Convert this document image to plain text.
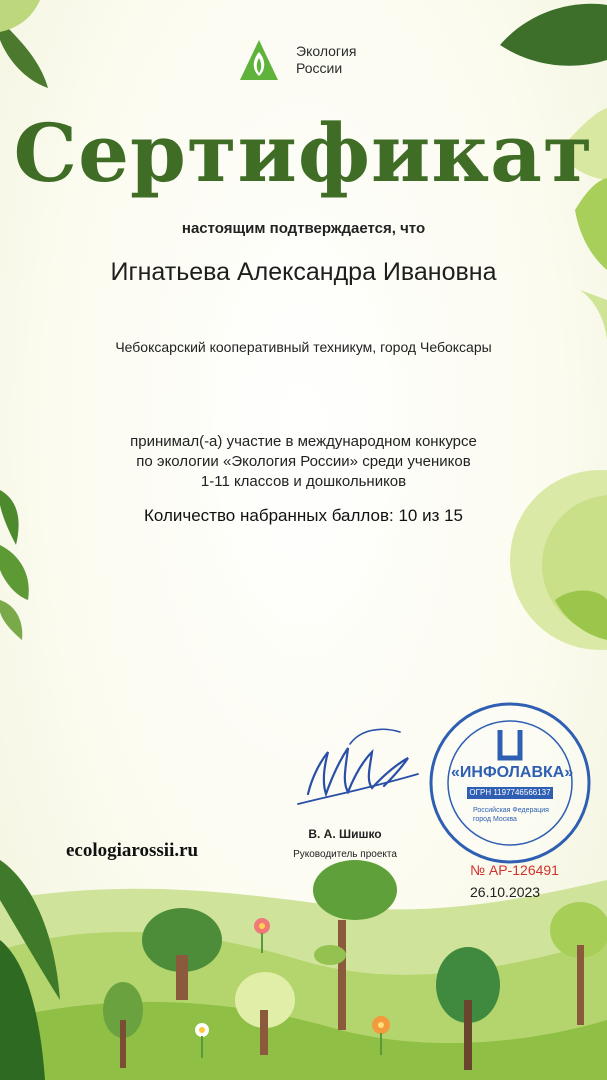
Экология
России
Сертификат
настоящим подтверждается, что
Игнатьева Александра Ивановна
Чебоксарский кооперативный техникум, город Чебоксары
принимал(-а) участие в международном конкурсе
по экологии «Экология России» среди учеников
1-11 классов и дошкольников
Количество набранных баллов: 10 из 15
В. А. Шишко
Руководитель проекта
ecologiarossii.ru
«ИНФОЛАВКА»
ОГРН 1197746566137
Российская Федерация
город Москва
№ АР-126491
26.10.2023
